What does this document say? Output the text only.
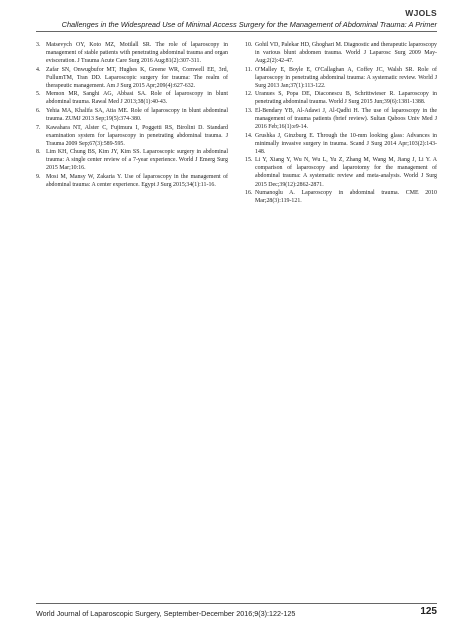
WJOLS
Challenges in the Widespread Use of Minimal Access Surgery for the Management of Abdominal Trauma: A Primer
3. Matsevych OY, Koto MZ, Motilall SR. The role of laparoscopy in management of stable patients with penetrating abdominal trauma and organ evisceration. J Trauma Acute Care Surg 2016 Aug;81(2):307-311.
4. Zafar SN, Onwugbufor MT, Hughes K, Greene WR, Cornwell EE, 3rd, FullumTM, Tran DD. Laparoscopic surgery for trauma: The realm of therapeutic management. Am J Surg 2015 Apr;209(4):627-632.
5. Memon MR, Sanghi AG, Abbasi SA. Role of laparoscopy in blunt abdominal trauma. Rawal Med J 2013;38(1):40-43.
6. Yehia MA, Khalifa SA, Atia ME. Role of laparoscopy in blunt abdominal trauma. ZUMJ 2013 Sep;19(5):374-380.
7. Kawahara NT, Alster C, Fujimura I, Poggetti RS, Birolini D. Standard examination system for laparoscopy in penetrating abdominal trauma. J Trauma 2009 Sep;67(3):589-595.
8. Lim KH, Chung BS, Kim JY, Kim SS. Laparoscopic surgery in abdominal trauma: A single center review of a 7-year experience. World J Emerg Surg 2015 Mar;10:16.
9. Mosi M, Mansy W, Zakaria Y. Use of laparoscopy in the management of abdominal trauma: A center experience. Egypt J Surg 2015;34(1):11-16.
10. Gohil VD, Palekar HD, Ghoghari M. Diagnostic and therapeutic laparoscopy in various blunt abdomen trauma. World J Laparosc Surg 2009 May-Aug;2(2):42-47.
11. O'Malley E, Boyle E, O'Callaghan A, Coffey JC, Walsh SR. Role of laparoscopy in penetrating abdominal trauma: A systematic review. World J Surg 2013 Jan;37(1):113-122.
12. Uranues S, Popa DE, Diaconescu B, Schrittwieser R. Laparoscopy in penetrating abdominal trauma. World J Surg 2015 Jun;39(6):1381-1388.
13. El-Bendary YB, Al-Adawi J, Al-Qadhi H. The use of laparoscopy in the management of trauma patients (brief review). Sultan Qaboos Univ Med J 2016 Feb;16(1):e9-14.
14. Grushka J, Ginzburg E. Through the 10-mm looking glass: Advances in minimally invasive surgery in trauma. Scand J Surg 2014 Apr;103(2):143-148.
15. Li Y, Xiang Y, Wu N, Wu L, Yu Z, Zhang M, Wang M, Jiang J, Li Y. A comparison of laparoscopy and laparotomy for the management of abdominal trauma: A systematic review and meta-analysis. World J Surg 2015 Dec;39(12):2862-2871.
16. Numanoglu A. Laparoscopy in abdominal trauma. CME 2010 Mar;28(3):119-121.
World Journal of Laparoscopic Surgery, September-December 2016;9(3):122-125	125
